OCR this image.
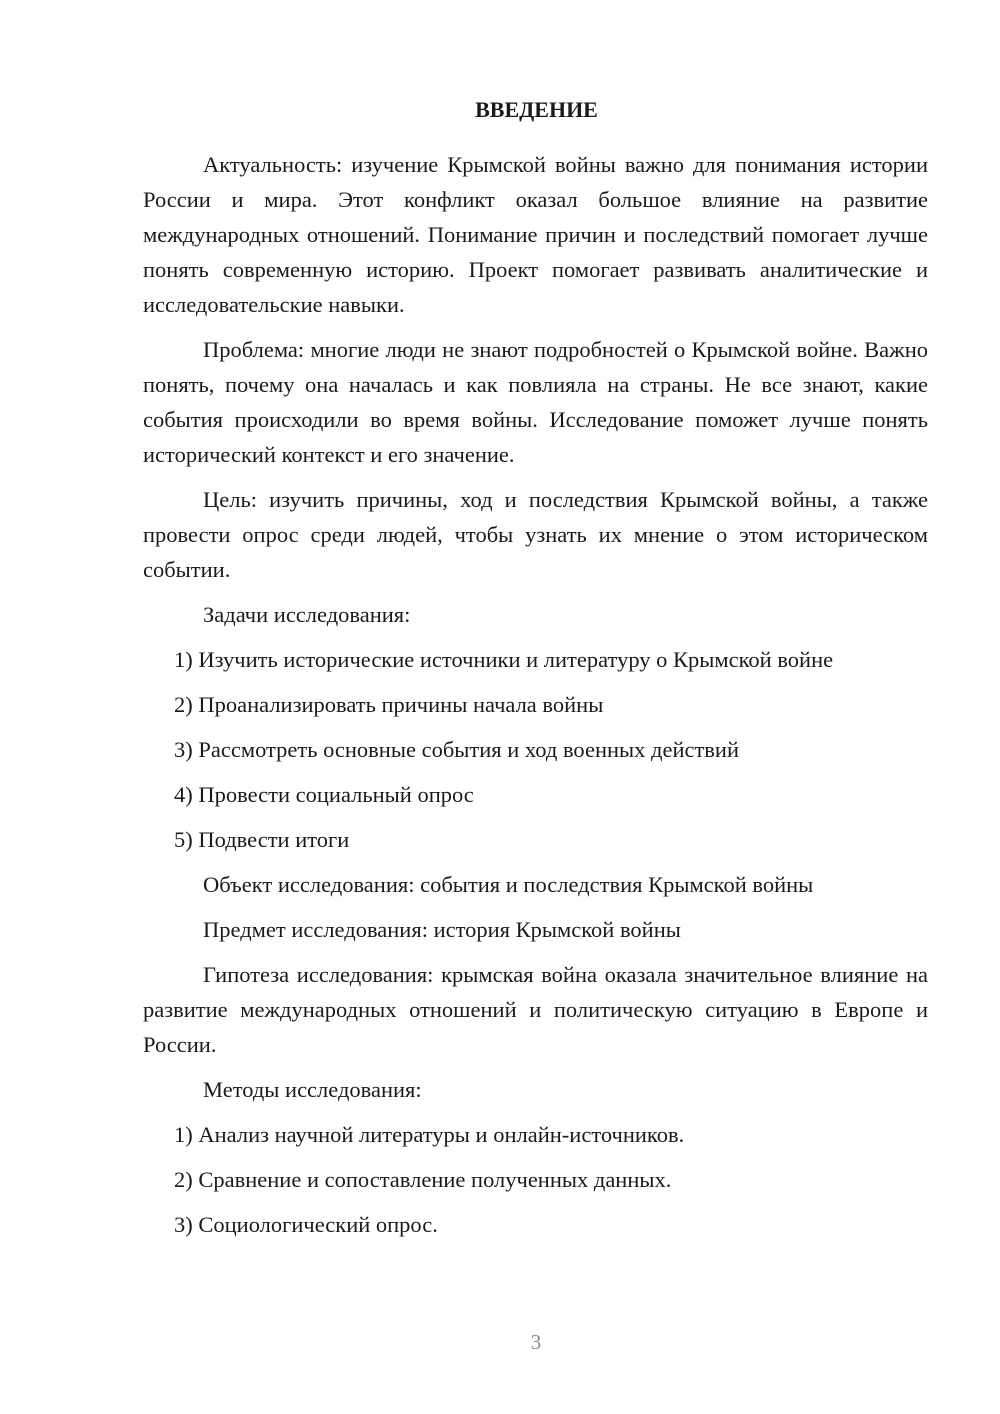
ВВЕДЕНИЕ

Актуальность: изучение Крымской войны важно для понимания истории России и мира. Этот конфликт оказал большое влияние на развитие международных отношений. Понимание причин и последствий помогает лучше понять современную историю. Проект помогает развивать аналитические и исследовательские навыки.

Проблема: многие люди не знают подробностей о Крымской войне. Важно понять, почему она началась и как повлияла на страны. Не все знают, какие события происходили во время войны. Исследование поможет лучше понять исторический контекст и его значение.

Цель: изучить причины, ход и последствия Крымской войны, а также провести опрос среди людей, чтобы узнать их мнение о этом историческом событии.

Задачи исследования:
1) Изучить исторические источники и литературу о Крымской войне
2) Проанализировать причины начала войны
3) Рассмотреть основные события и ход военных действий
4) Провести социальный опрос
5) Подвести итоги
Объект исследования: события и последствия Крымской войны
Предмет исследования: история Крымской войны

Гипотеза исследования: крымская война оказала значительное влияние на развитие международных отношений и политическую ситуацию в Европе и России.

Методы исследования:
1) Анализ научной литературы и онлайн-источников.
2) Сравнение и сопоставление полученных данных.
3) Социологический опрос.
3
